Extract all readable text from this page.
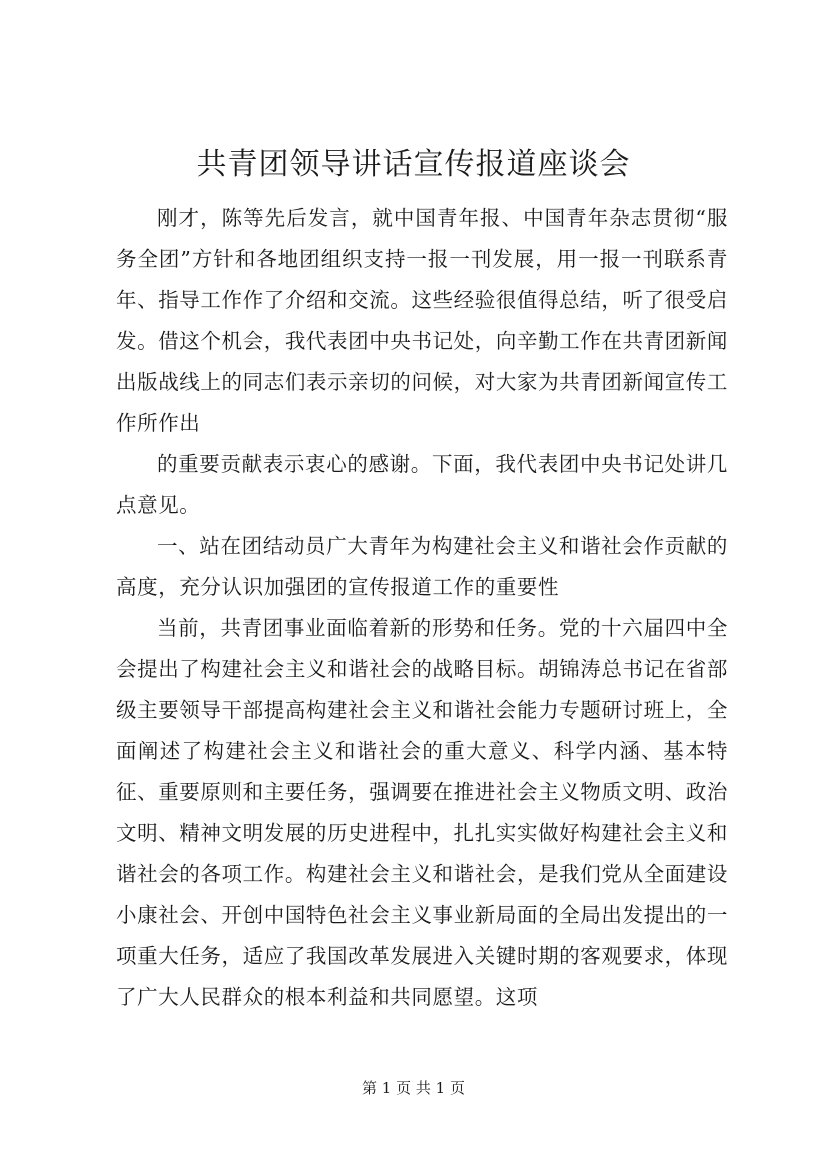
共青团领导讲话宣传报道座谈会

刚才，陈等先后发言，就中国青年报、中国青年杂志贯彻“服务全团”方针和各地团组织支持一报一刊发展，用一报一刊联系青年、指导工作作了介绍和交流。这些经验很值得总结，听了很受启发。借这个机会，我代表团中央书记处，向辛勤工作在共青团新闻出版战线上的同志们表示亲切的问候，对大家为共青团新闻宣传工作所作出

的重要贡献表示衷心的感谢。下面，我代表团中央书记处讲几点意见。

一、站在团结动员广大青年为构建社会主义和谐社会作贡献的高度，充分认识加强团的宣传报道工作的重要性

当前，共青团事业面临着新的形势和任务。党的十六届四中全会提出了构建社会主义和谐社会的战略目标。胡锦涛总书记在省部级主要领导干部提高构建社会主义和谐社会能力专题研讨班上，全面阐述了构建社会主义和谐社会的重大意义、科学内涵、基本特征、重要原则和主要任务，强调要在推进社会主义物质文明、政治文明、精神文明发展的历史进程中，扎扎实实做好构建社会主义和谐社会的各项工作。构建社会主义和谐社会，是我们党从全面建设小康社会、开创中国特色社会主义事业新局面的全局出发提出的一项重大任务，适应了我国改革发展进入关键时期的客观要求，体现了广大人民群众的根本利益和共同愿望。这项

第 1 页 共 1 页
